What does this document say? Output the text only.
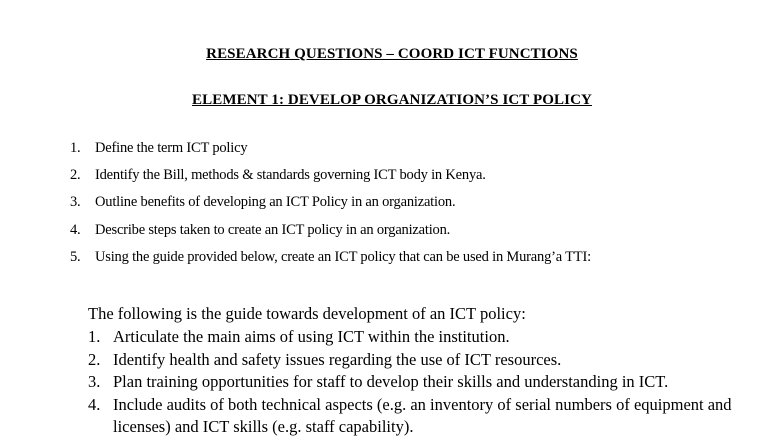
RESEARCH QUESTIONS – COORD ICT FUNCTIONS
ELEMENT 1: DEVELOP ORGANIZATION’S ICT POLICY
1.	Define the term ICT policy
2.	Identify the Bill, methods & standards governing ICT body in Kenya.
3.	Outline benefits of developing an ICT Policy in an organization.
4.	Describe steps taken to create an ICT policy in an organization.
5.	Using the guide provided below, create an ICT policy that can be used in Murang’a TTI:
The following is the guide towards development of an ICT policy:
1. Articulate the main aims of using ICT within the institution.
2. Identify health and safety issues regarding the use of ICT resources.
3. Plan training opportunities for staff to develop their skills and understanding in ICT.
4. Include audits of both technical aspects (e.g. an inventory of serial numbers of equipment and licenses) and ICT skills (e.g. staff capability).
